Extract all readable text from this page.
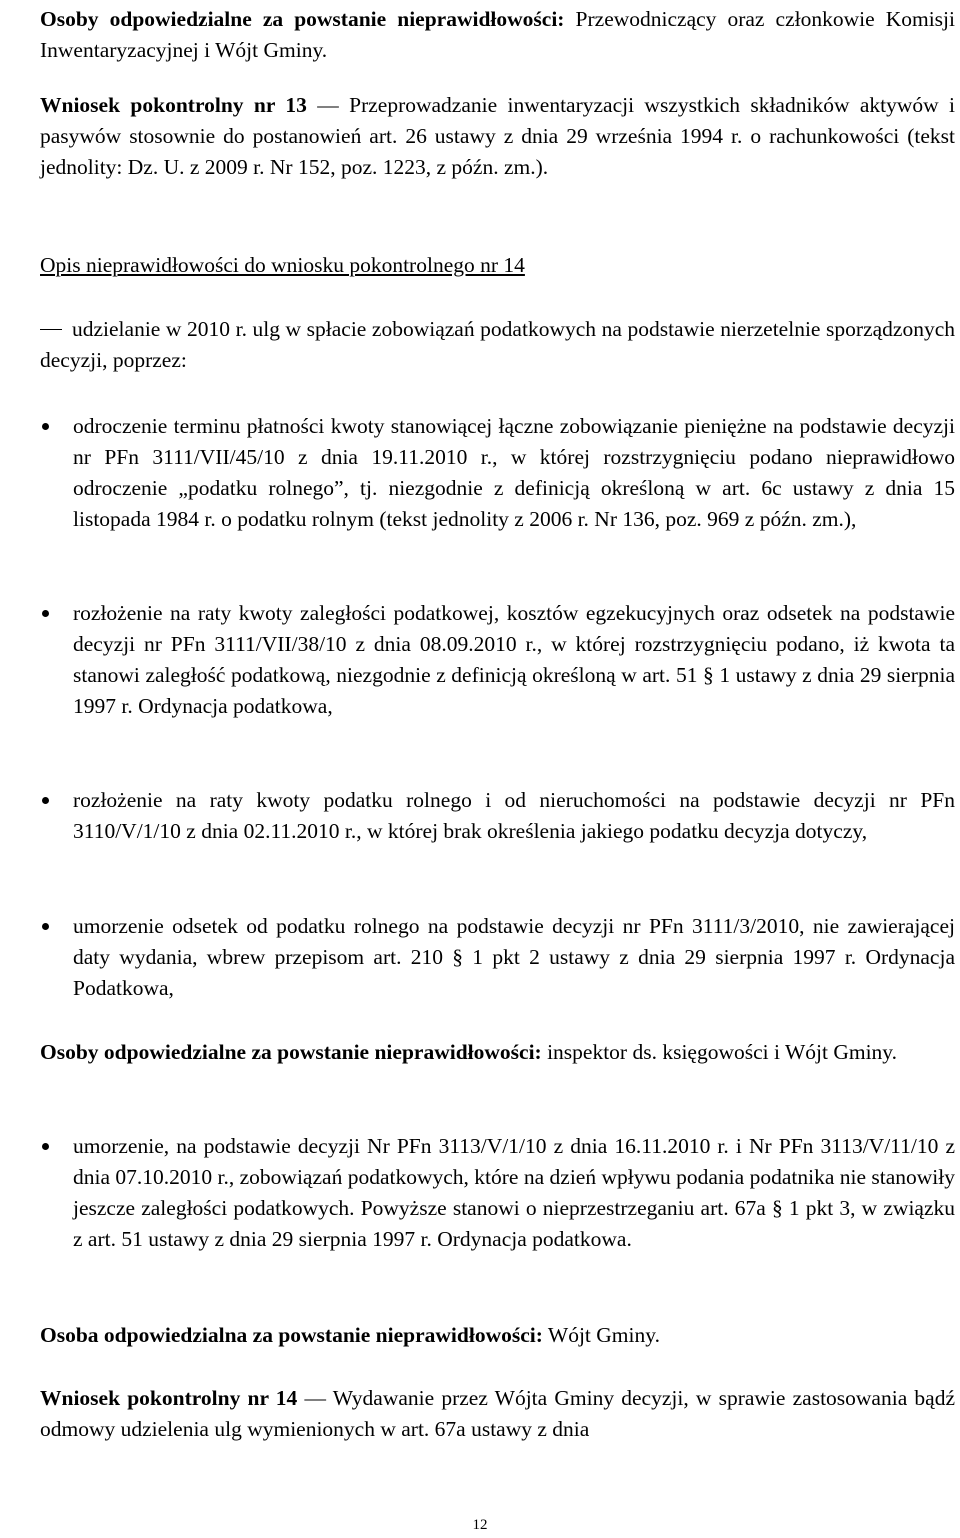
Osoby odpowiedzialne za powstanie nieprawidłowości: Przewodniczący oraz członkowie Komisji Inwentaryzacyjnej i Wójt Gminy.

Wniosek pokontrolny nr 13 — Przeprowadzanie inwentaryzacji wszystkich składników aktywów i pasywów stosownie do postanowień art. 26 ustawy z dnia 29 września 1994 r. o rachunkowości (tekst jednolity: Dz. U. z 2009 r. Nr 152, poz. 1223, z późn. zm.).

Opis nieprawidłowości do wniosku pokontrolnego nr 14

udzielanie w 2010 r. ulg w spłacie zobowiązań podatkowych na podstawie nierzetelnie sporządzonych decyzji, poprzez:

odroczenie terminu płatności kwoty stanowiącej łączne zobowiązanie pieniężne na podstawie decyzji nr PFn 3111/VII/45/10 z dnia 19.11.2010 r., w której rozstrzygnięciu podano nieprawidłowo odroczenie „podatku rolnego”, tj. niezgodnie z definicją określoną w art. 6c ustawy z dnia 15 listopada 1984 r. o podatku rolnym (tekst jednolity z 2006 r. Nr 136, poz. 969 z późn. zm.),

rozłożenie na raty kwoty zaległości podatkowej, kosztów egzekucyjnych oraz odsetek na podstawie decyzji nr PFn 3111/VII/38/10 z dnia 08.09.2010 r., w której rozstrzygnięciu podano, iż kwota ta stanowi zaległość podatkową, niezgodnie z definicją określoną w art. 51 § 1 ustawy z dnia 29 sierpnia 1997 r. Ordynacja podatkowa,

rozłożenie na raty kwoty podatku rolnego i od nieruchomości na podstawie decyzji nr PFn 3110/V/1/10 z dnia 02.11.2010 r., w której brak określenia jakiego podatku decyzja dotyczy,

umorzenie odsetek od podatku rolnego na podstawie decyzji nr PFn 3111/3/2010, nie zawierającej daty wydania, wbrew przepisom art. 210 § 1 pkt 2 ustawy z dnia 29 sierpnia 1997 r. Ordynacja Podatkowa,

Osoby odpowiedzialne za powstanie nieprawidłowości: inspektor ds. księgowości i Wójt Gminy.

umorzenie, na podstawie decyzji Nr PFn 3113/V/1/10 z dnia 16.11.2010 r. i Nr PFn 3113/V/11/10 z dnia 07.10.2010 r., zobowiązań podatkowych, które na dzień wpływu podania podatnika nie stanowiły jeszcze zaległości podatkowych. Powyższe stanowi o nieprzestrzeganiu art. 67a § 1 pkt 3, w związku z art. 51 ustawy z dnia 29 sierpnia 1997 r. Ordynacja podatkowa.

Osoba odpowiedzialna za powstanie nieprawidłowości: Wójt Gminy.

Wniosek pokontrolny nr 14 — Wydawanie przez Wójta Gminy decyzji, w sprawie zastosowania bądź odmowy udzielenia ulg wymienionych w art. 67a ustawy z dnia

12
